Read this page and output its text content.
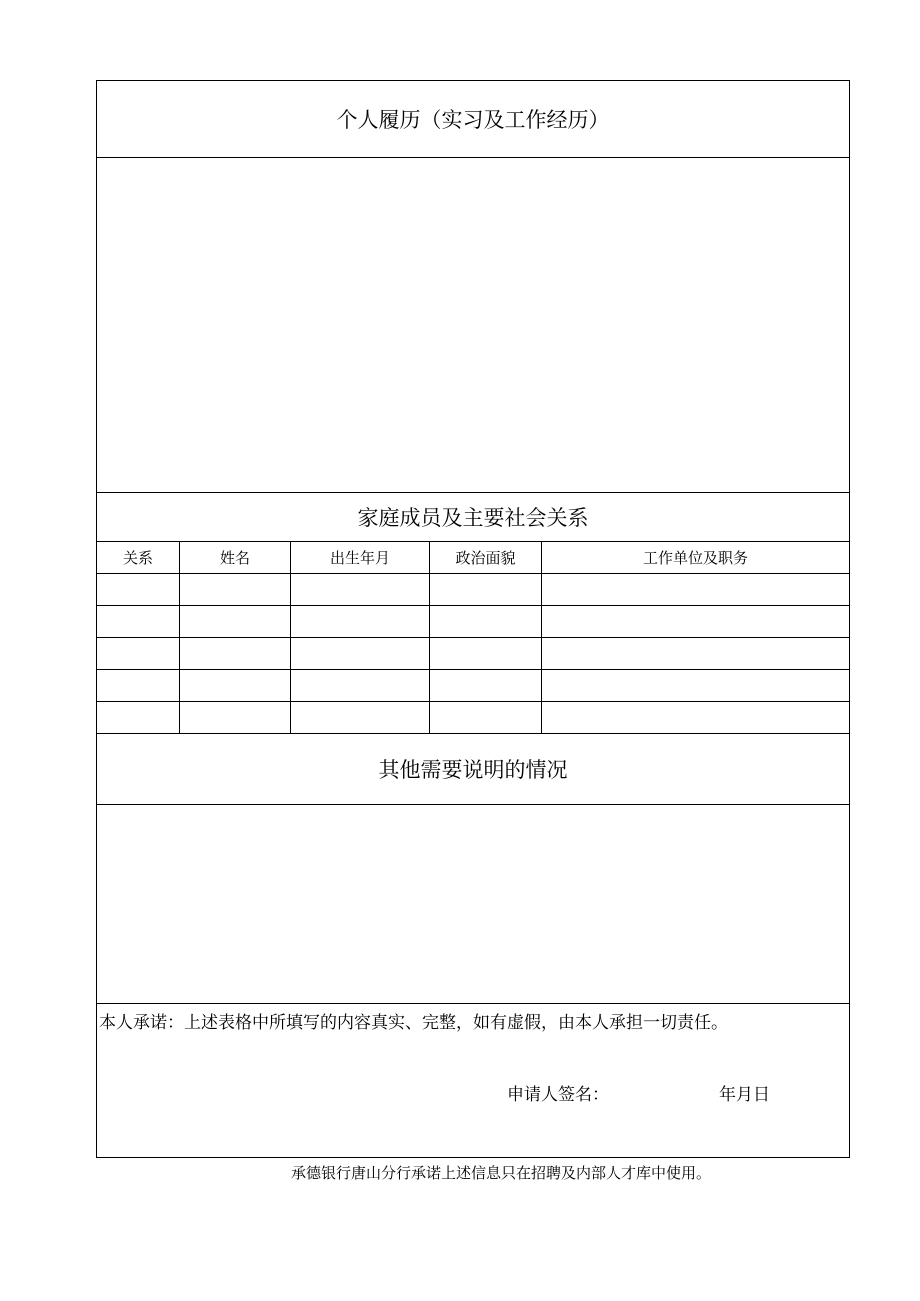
个人履历（实习及工作经历）				

家庭成员及主要社会关系				
关系	姓名	出生年月	政治面貌	工作单位及职务

其他需要说明的情况				

本人承诺：上述表格中所填写的内容真实、完整，如有虚假，由本人承担一切责任。
申请人签名： 年月日				
承德银行唐山分行承诺上述信息只在招聘及内部人才库中使用。
